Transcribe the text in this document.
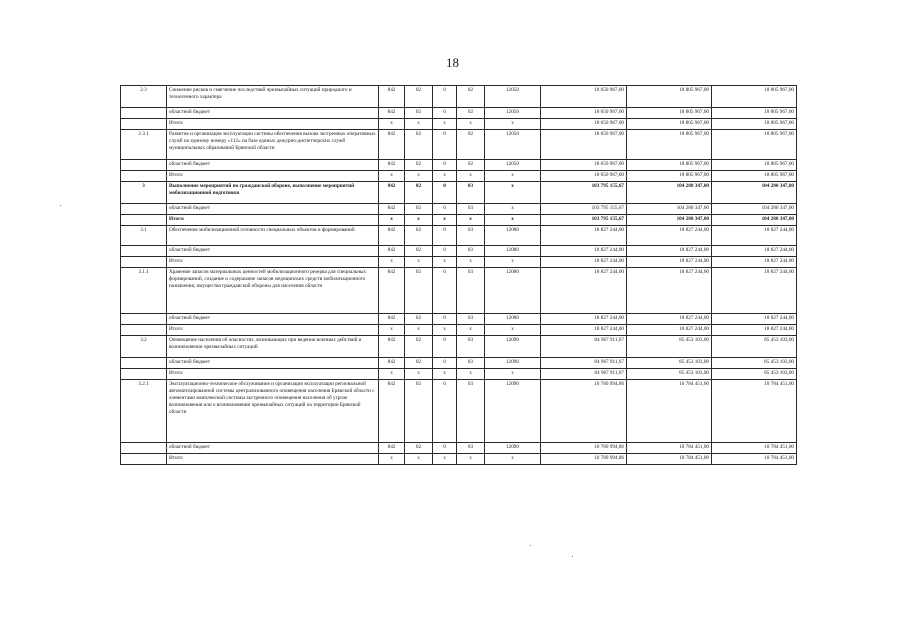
18
2.3	Снижение рисков и смягчение последствий чрезвычайных ситуаций природного и техногенного характера	842	02	0	02	12050	18 650 967,00	18 805 967,00	18 805 967,00
	областной бюджет	842	02	0	02	12050	18 650 967,00	18 805 967,00	18 805 967,00
	Итого:	x	x	x	x	x	18 650 967,00	18 805 967,00	18 805 967,00
2.3.1	Развитие и организация эксплуатации системы обеспечения вызова экстренных оперативных служб по единому номеру «112» на базе единых дежурно-диспетчерских служб муниципальных образований Брянской области	842	02	0	02	12050	18 650 967,00	18 805 967,00	18 805 967,00
	областной бюджет	842	02	0	02	12050	18 650 967,00	18 805 967,00	18 805 967,00
	Итого:	x	x	x	x	x	18 650 967,00	18 805 967,00	18 805 967,00
3	Выполнение мероприятий по гражданской обороне, выполнение мероприятий мобилизационной подготовки	842	02	0	03	x	103 795 155,67	104 280 347,00	104 280 347,00
	областной бюджет	842	02	0	03	x	103 795 155,67	104 280 347,00	104 280 347,00
	Итого:	x	x	x	x	x	103 795 155,67	104 280 347,00	104 280 347,00
3.1	Обеспечение мобилизационной готовности специальных объектов и формирований	842	02	0	03	12080	18 827 244,00	18 827 244,00	18 827 244,00
	областной бюджет	842	02	0	03	12080	18 827 244,00	18 827 244,00	18 827 244,00
	Итого:	x	x	x	x	x	18 827 244,00	18 827 244,00	18 827 244,00
3.1.1	Хранение запасов материальных ценностей мобилизационного резерва для специальных формирований, создание и содержание запасов медицинских средств мобилизационного назначения, имущества гражданской обороны для населения области	842	02	0	03	12080	18 827 244,00	18 827 244,00	18 827 244,00
	областной бюджет	842	02	0	03	12080	18 827 244,00	18 827 244,00	18 827 244,00
	Итого:	x	x	x	x	x	18 827 244,00	18 827 244,00	18 827 244,00
3.2	Оповещение населения об опасностях, возникающих при ведении военных действий и возникновении чрезвычайных ситуаций	842	02	0	03	12090	84 967 911,67	85 453 103,00	85 453 103,00
	областной бюджет	842	02	0	03	12090	84 967 911,67	85 453 103,00	85 453 103,00
	Итого:	x	x	x	x	x	84 967 911,67	85 453 103,00	85 453 103,00
3.2.1	Эксплуатационно-техническое обслуживание и организация эксплуатации региональной автоматизированной системы централизованного оповещения населения Брянской области с элементами комплексной системы экстренного оповещения населения об угрозе возникновения или о возникновении чрезвычайных ситуаций на территории Брянской области	842	02	0	03	12090	10 780 994,86	10 784 451,00	10 784 451,00
	областной бюджет	842	02	0	03	12090	10 780 994,86	10 784 451,00	10 784 451,00
	Итого:	x	x	x	x	x	10 780 994,86	10 784 451,00	10 784 451,00
